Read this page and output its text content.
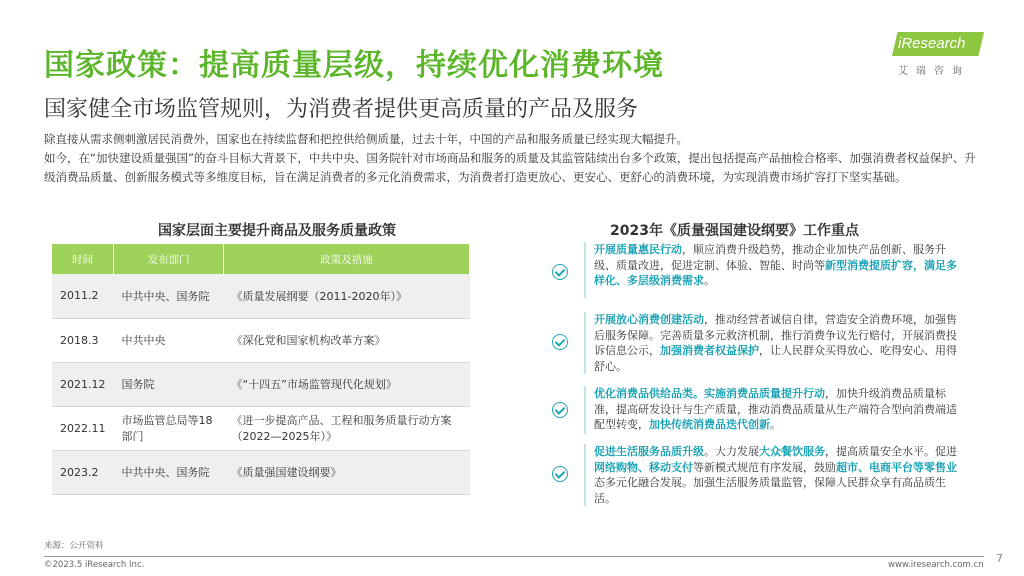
国家政策：提高质量层级，持续优化消费环境
国家健全市场监管规则，为消费者提供更高质量的产品及服务
iResearch
艾瑞咨询

除直接从需求侧刺激居民消费外，国家也在持续监督和把控供给侧质量，过去十年，中国的产品和服务质量已经实现大幅提升。

如今，在“加快建设质量强国”的奋斗目标大背景下，中共中央、国务院针对市场商品和服务的质量及其监管陆续出台多个政策，提出包括提高产品抽检合格率、加强消费者权益保护、升级消费品质量、创新服务模式等多维度目标，旨在满足消费者的多元化消费需求，为消费者打造更放心、更安心、更舒心的消费环境，为实现消费市场扩容打下坚实基础。

国家层面主要提升商品及服务质量政策	2023年《质量强国建设纲要》工作重点
时间	发布部门	政策及措施
2011.2	中共中央、国务院	《质量发展纲要（2011-2020年）》
2018.3	中共中央	《深化党和国家机构改革方案》
2021.12	国务院	《“十四五”市场监管现代化规划》
2022.11	市场监管总局等18部门	《进一步提高产品、工程和服务质量行动方案（2022—2025年）》
2023.2	中共中央、国务院	《质量强国建设纲要》
开展质量惠民行动，顺应消费升级趋势，推动企业加快产品创新、服务升级、质量改进，促进定制、体验、智能、时尚等新型消费提质扩容，满足多样化、多层级消费需求。
开展放心消费创建活动，推动经营者诚信自律，营造安全消费环境，加强售后服务保障。完善质量多元救济机制，推行消费争议先行赔付，开展消费投诉信息公示，加强消费者权益保护，让人民群众买得放心、吃得安心、用得舒心。
优化消费品供给品类。实施消费品质量提升行动，加快升级消费品质量标准，提高研发设计与生产质量，推动消费品质量从生产端符合型向消费端适配型转变，加快传统消费品迭代创新。
促进生活服务品质升级。大力发展大众餐饮服务，提高质量安全水平。促进网络购物、移动支付等新模式规范有序发展，鼓励超市、电商平台等零售业态多元化融合发展。加强生活服务质量监管，保障人民群众享有高品质生活。
来源：公开资料
©2023.5 iResearch Inc.	www.iresearch.com.cn 7
